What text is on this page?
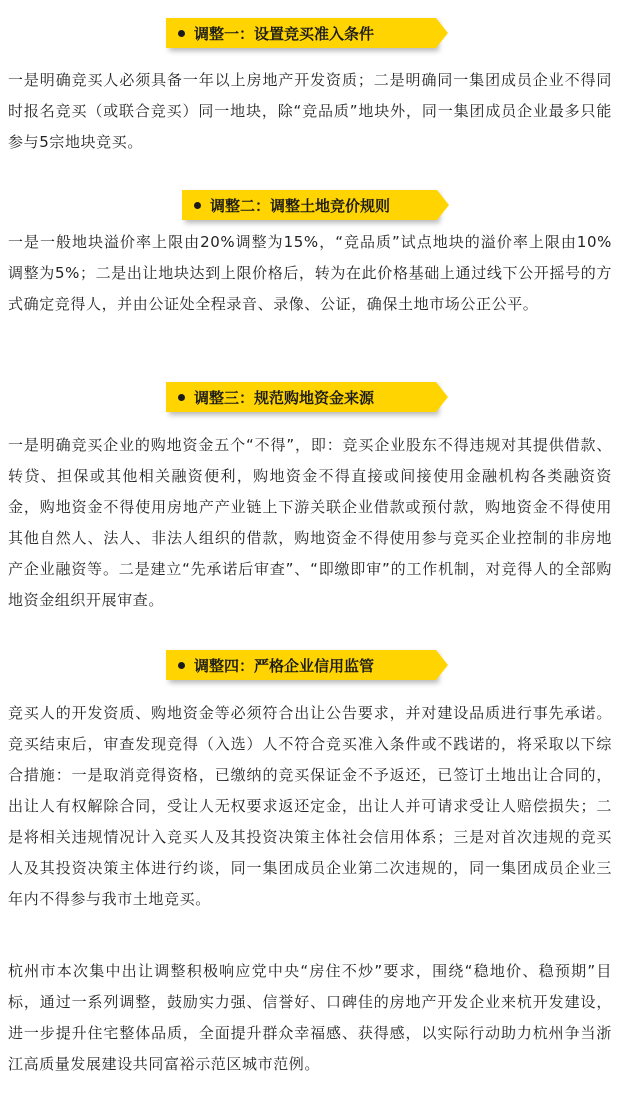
调整一：设置竞买准入条件

一是明确竞买人必须具备一年以上房地产开发资质；二是明确同一集团成员企业不得同时报名竞买（或联合竞买）同一地块，除“竞品质”地块外，同一集团成员企业最多只能参与5宗地块竞买。

调整二：调整土地竞价规则

一是一般地块溢价率上限由20%调整为15%，“竞品质”试点地块的溢价率上限由10%调整为5%；二是出让地块达到上限价格后，转为在此价格基础上通过线下公开摇号的方式确定竞得人，并由公证处全程录音、录像、公证，确保土地市场公正公平。

调整三：规范购地资金来源

一是明确竞买企业的购地资金五个“不得”，即：竞买企业股东不得违规对其提供借款、转贷、担保或其他相关融资便利，购地资金不得直接或间接使用金融机构各类融资资金，购地资金不得使用房地产产业链上下游关联企业借款或预付款，购地资金不得使用其他自然人、法人、非法人组织的借款，购地资金不得使用参与竞买企业控制的非房地产企业融资等。二是建立“先承诺后审查”、“即缴即审”的工作机制，对竞得人的全部购地资金组织开展审查。

调整四：严格企业信用监管

竞买人的开发资质、购地资金等必须符合出让公告要求，并对建设品质进行事先承诺。竞买结束后，审查发现竞得（入选）人不符合竞买准入条件或不践诺的，将采取以下综合措施：一是取消竞得资格，已缴纳的竞买保证金不予返还，已签订土地出让合同的，出让人有权解除合同，受让人无权要求返还定金，出让人并可请求受让人赔偿损失；二是将相关违规情况计入竞买人及其投资决策主体社会信用体系；三是对首次违规的竞买人及其投资决策主体进行约谈，同一集团成员企业第二次违规的，同一集团成员企业三年内不得参与我市土地竞买。

杭州市本次集中出让调整积极响应党中央“房住不炒”要求，围绕“稳地价、稳预期”目标，通过一系列调整，鼓励实力强、信誉好、口碑佳的房地产开发企业来杭开发建设，进一步提升住宅整体品质，全面提升群众幸福感、获得感，以实际行动助力杭州争当浙江高质量发展建设共同富裕示范区城市范例。
